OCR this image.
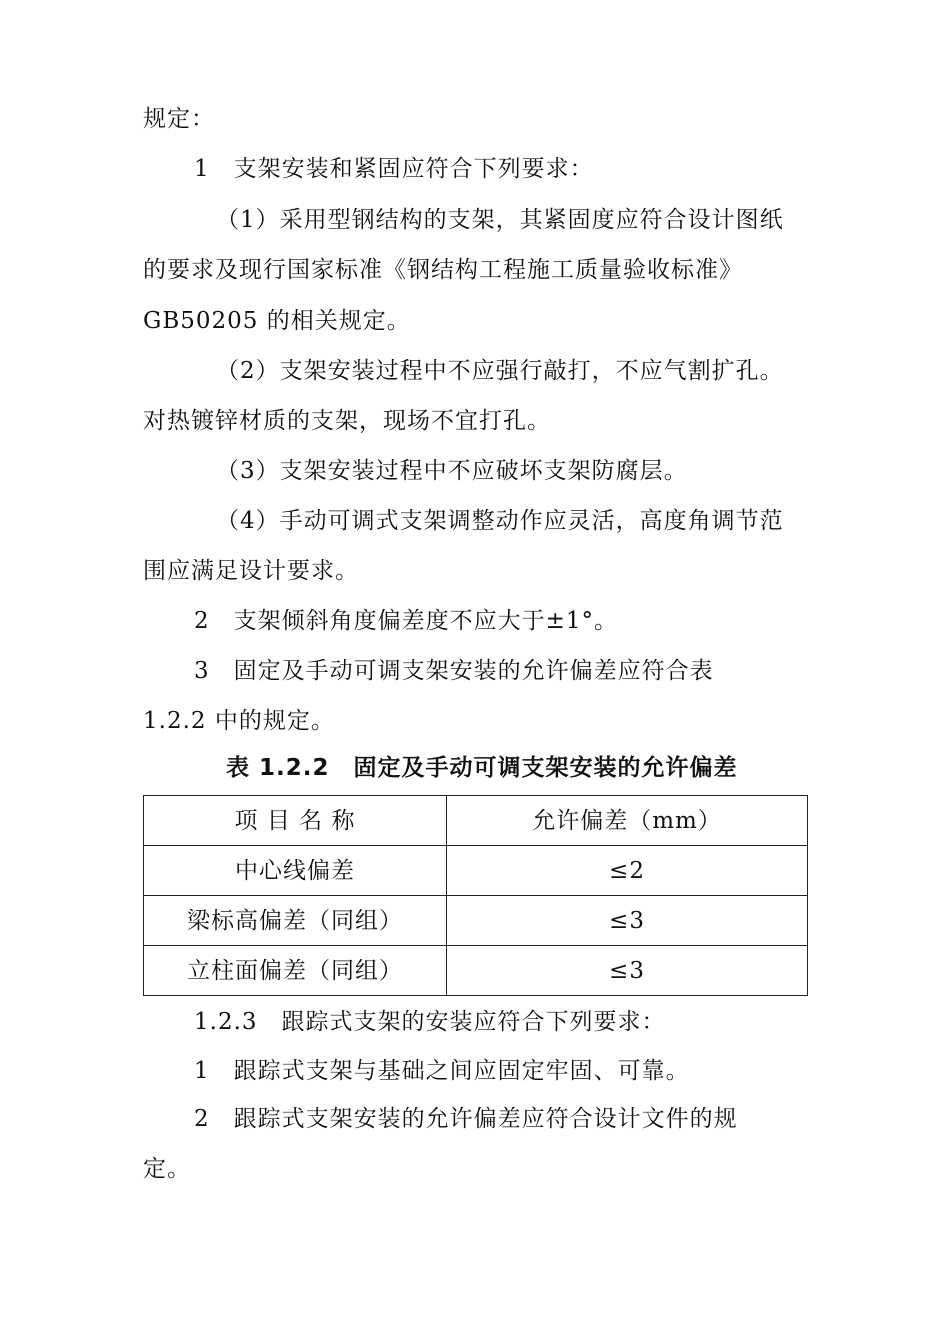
规定：
1　支架安装和紧固应符合下列要求：
（1）采用型钢结构的支架，其紧固度应符合设计图纸
的要求及现行国家标准《钢结构工程施工质量验收标准》
GB50205 的相关规定。
（2）支架安装过程中不应强行敲打，不应气割扩孔。
对热镀锌材质的支架，现场不宜打孔。
（3）支架安装过程中不应破坏支架防腐层。
（4）手动可调式支架调整动作应灵活，高度角调节范
围应满足设计要求。
2　支架倾斜角度偏差度不应大于±1°。
3　固定及手动可调支架安装的允许偏差应符合表
1.2.2 中的规定。
表 1.2.2　固定及手动可调支架安装的允许偏差
项 目 名 称	允许偏差（mm）
中心线偏差	≤2
梁标高偏差（同组）	≤3
立柱面偏差（同组）	≤3
1.2.3　跟踪式支架的安装应符合下列要求：
1　跟踪式支架与基础之间应固定牢固、可靠。
2　跟踪式支架安装的允许偏差应符合设计文件的规
定。
